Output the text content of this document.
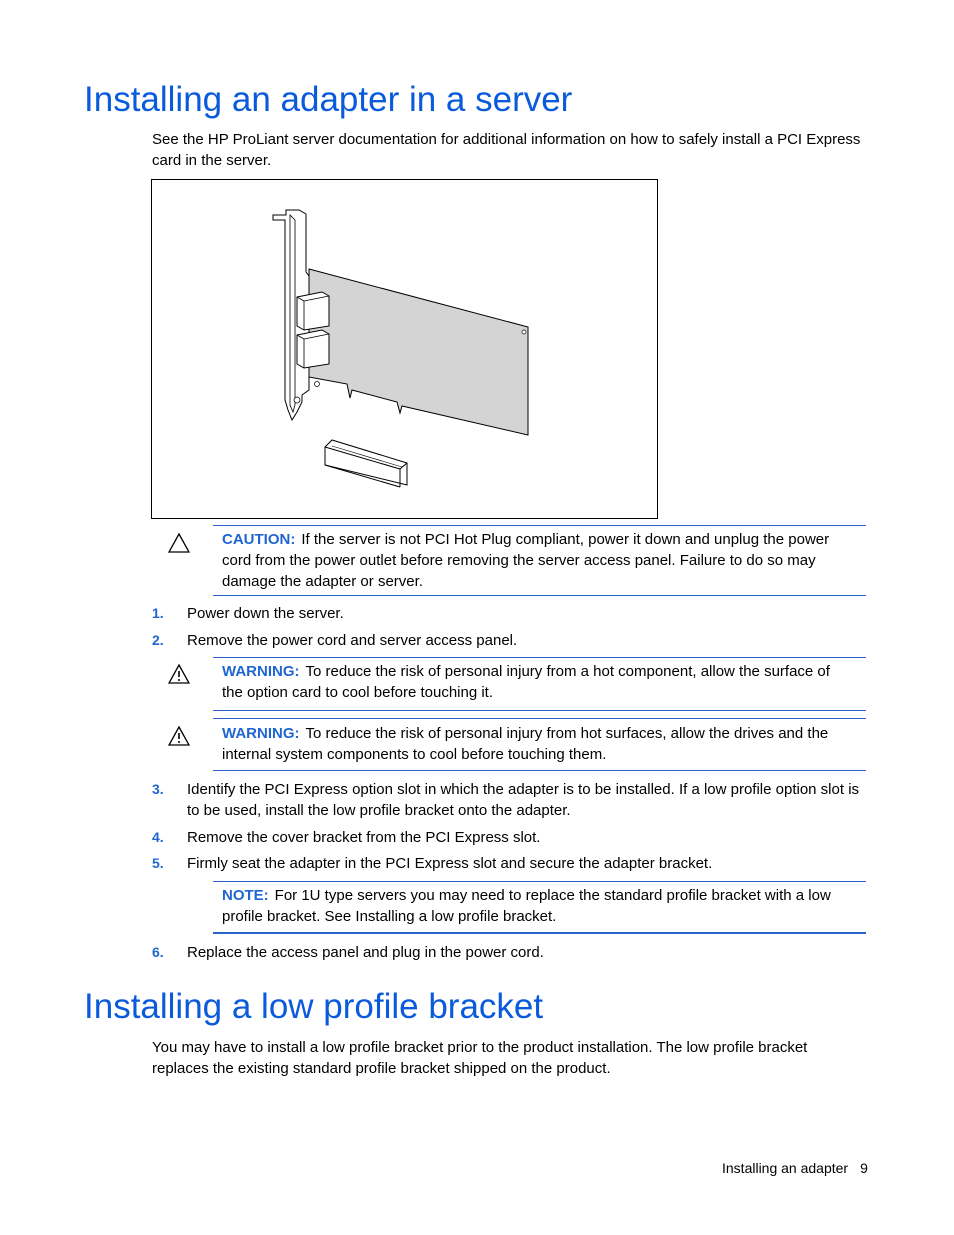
Installing an adapter in a server
See the HP ProLiant server documentation for additional information on how to safely install a PCI Express card in the server.
CAUTION: If the server is not PCI Hot Plug compliant, power it down and unplug the power cord from the power outlet before removing the server access panel. Failure to do so may damage the adapter or server.
1. Power down the server.
2. Remove the power cord and server access panel.
WARNING: To reduce the risk of personal injury from a hot component, allow the surface of the option card to cool before touching it.
WARNING: To reduce the risk of personal injury from hot surfaces, allow the drives and the internal system components to cool before touching them.
3. Identify the PCI Express option slot in which the adapter is to be installed. If a low profile option slot is to be used, install the low profile bracket onto the adapter.
4. Remove the cover bracket from the PCI Express slot.
5. Firmly seat the adapter in the PCI Express slot and secure the adapter bracket.
NOTE: For 1U type servers you may need to replace the standard profile bracket with a low profile bracket. See Installing a low profile bracket.
6. Replace the access panel and plug in the power cord.
Installing a low profile bracket
You may have to install a low profile bracket prior to the product installation. The low profile bracket replaces the existing standard profile bracket shipped on the product.
Installing an adapter 9
